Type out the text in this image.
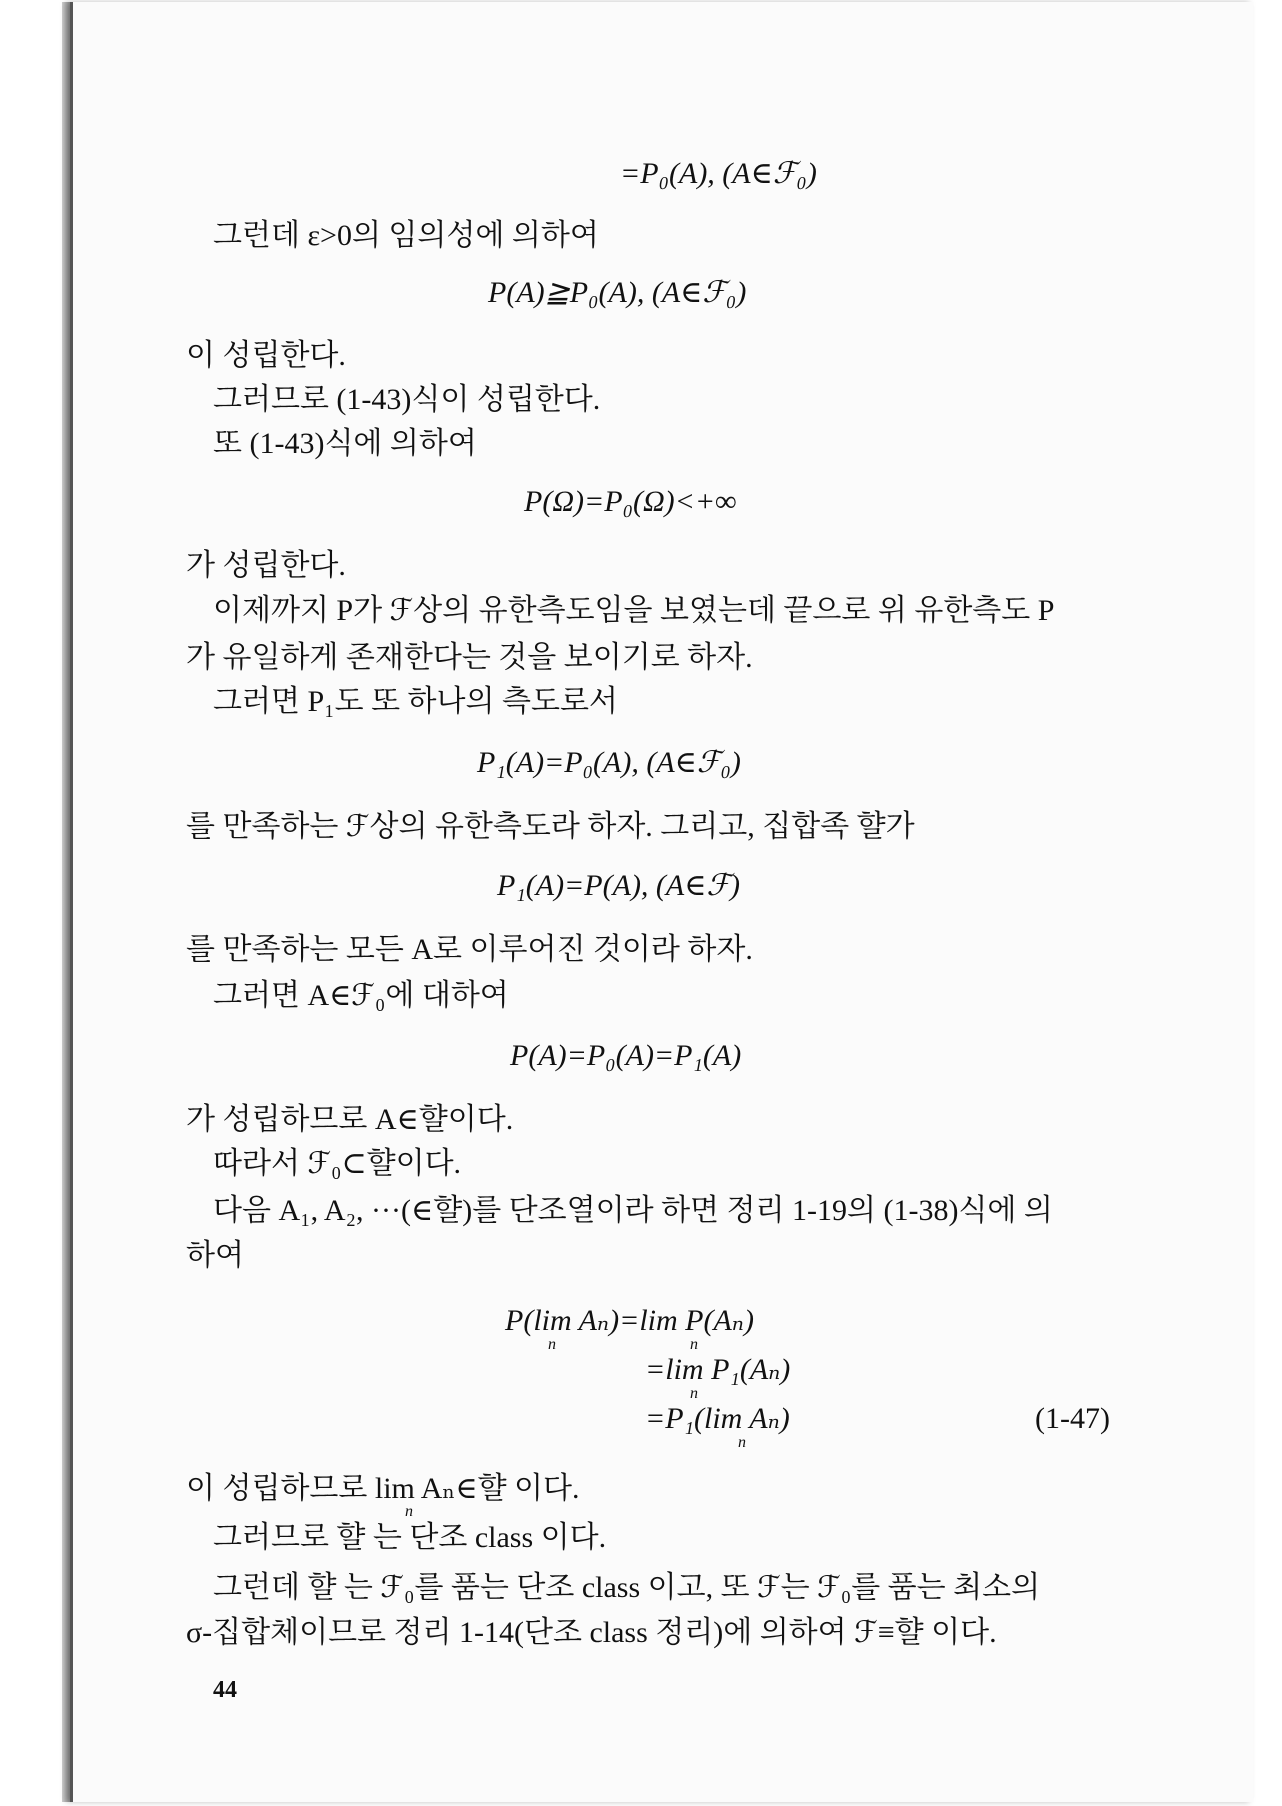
=P₀(A), (A∈ℱ₀)
그런데 ε>0의 임의성에 의하여
P(A)≧P₀(A), (A∈ℱ₀)
이 성립한다.
그러므로 (1-43)식이 성립한다.
또 (1-43)식에 의하여
P(Ω)=P₀(Ω)<+∞
가 성립한다.
이제까지 P가 ℱ상의 유한측도임을 보였는데 끝으로 위 유한측도 P
가 유일하게 존재한다는 것을 보이기로 하자.
그러면 P₁도 또 하나의 측도로서
P₁(A)=P₀(A), (A∈ℱ₀)
를 만족하는 ℱ상의 유한측도라 하자. 그리고, 집합족 햘가
P₁(A)=P(A), (A∈ℱ)
를 만족하는 모든 A로 이루어진 것이라 하자.
그러면 A∈ℱ₀에 대하여
P(A)=P₀(A)=P₁(A)
가 성립하므로 A∈햘이다.
따라서 ℱ₀⊂햘이다.
다음 A₁, A₂, ···(∈햘)를 단조열이라 하면 정리 1-19의 (1-38)식에 의
하여
P(lim Aₙ)=lim P(Aₙ)
n	n
=lim P₁(Aₙ)
n
=P₁(lim Aₙ)
n
(1-47)
이 성립하므로 lim Aₙ∈햘 이다.
n
그러므로 햘 는 단조 class 이다.
그런데 햘 는 ℱ₀를 품는 단조 class 이고, 또 ℱ는 ℱ₀를 품는 최소의
σ-집합체이므로 정리 1-14(단조 class 정리)에 의하여 ℱ≡햘 이다.
44
